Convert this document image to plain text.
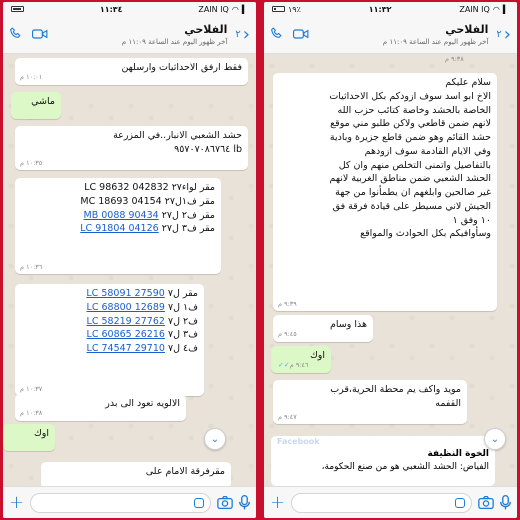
١١:٣٤	ZAIN IQ ◠ ▍
الفلاحي
آخر ظهور اليوم عند الساعة ١١:٠٩ م
٢ ›
فقط ارفق الاحداثيات وارسلهن
١٠:٠١ م
ماشي
حشد الشعبي الانبار..في المزرعة
lb ٩٥٧٠٧٠٨٦٧٦٤
١٠:٣٥ م
مقر لواء٢٧ LC 98632 042832
مقر ف١ل٢٧ MC 18693 04154
مقر ف٢ ل٢٧ MB 0088 90434
مقر ف٣ ل٢٧ LC 91804 04126
١٠:٣٦ م
مقر ل٧ LC 58091 27590
ف١ ل٧ LC 68800 12689
ف٢ ل٧ LC 58219 27762
ف٣ ل٧ LC 60865 26216
ف٤ ل٧ LC 74547 29710
١٠:٣٧ م
الالويه تعود الى بدر
١٠:٣٨ م
اوك
مقرفرقة الامام على
⌄
+
١٩٪	١١:٣٢	ZAIN IQ ◠ ▍
الفلاحي
آخر ظهور اليوم عند الساعة ١١:٠٩ م
٢ ›
٩:٣٨ م
سلام عليكم
الاخ ابو اسد سوف ازودكم بكل الاحداثيات
الخاصة بالحشد وخاصة كتائب حزب الله
لانهم ضمن قاطعي ولاكن طلبو مني موقع
حشد القائم وهو ضمن قاطع جزيرة وبادية
وفي الايام القادمة سوف ازودهم
بالتفاصيل واتمنى التخلص منهم وان كل
الحشد الشعبي ضمن مناطق الغربية لانهم
غير صالحين وابلغهم ان يطمأنوا من جهة
الجيش لاني مسيطر على قيادة فرقة فق
١٠ وفق ١
وسأوافيكم بكل الحوادث والمواقع
٩:٣٩ م
هذا وسام
٩:٤٥ م
اوك
٩:٤٦ م✓✓
مويد واكف يم محطة الحرية،قرب
القفمه
٩:٤٧ م
Facebook
الخوة النظيفة
الفياض: الحشد الشعبي هو من صنع الحكومة،
⌄
+
